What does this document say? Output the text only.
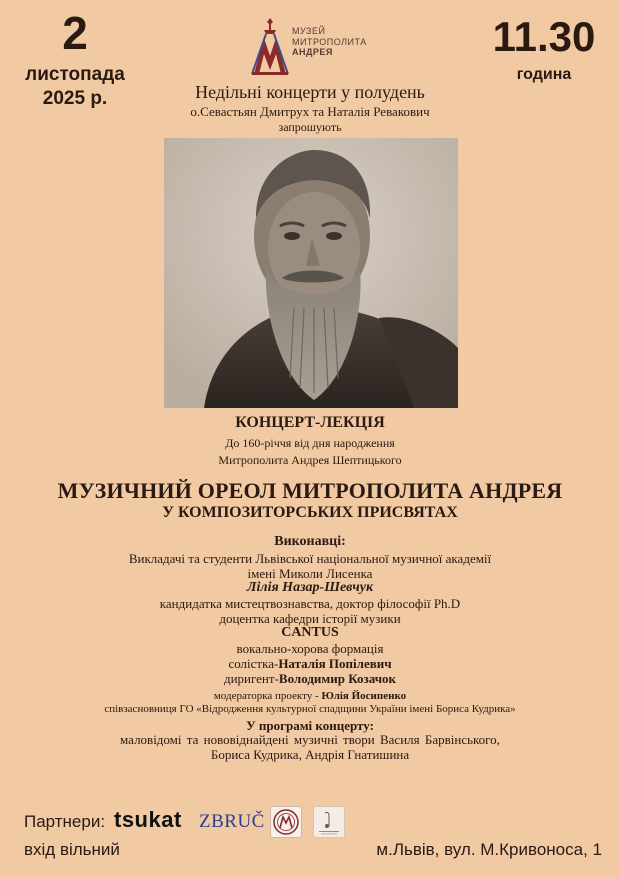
2
листопада
2025 р.
11.30
година
МУЗЕЙ
МИТРОПОЛИТА
АНДРЕЯ
Недільні концерти у полудень
о.Севастьян Дмитрух та Наталія Ревакович
запрошують
КОНЦЕРТ-ЛЕКЦІЯ
До 160-річчя від дня народження
Митрополита Андрея Шептицького
МУЗИЧНИЙ ОРЕОЛ МИТРОПОЛИТА АНДРЕЯ
У КОМПОЗИТОРСЬКИХ ПРИСВЯТАХ
Виконавці:
Викладачі та студенти Львівської національної музичної академії
імені Миколи Лисенка
Лілія Назар-Шевчук
кандидатка мистецтвознавства, доктор філософії Ph.D
доцентка кафедри історії музики
CANTUS
вокально-хорова формація
солістка-Наталія Попілевич
диригент-Володимир Козачок
модераторка проекту - Юлія Йосипенко
співзасновниця ГО «Відродження культурної спадщини України імені Бориса Кудрика»
У програмі концерту:
маловідомі та нововіднайдені музичні твори Василя Барвінського,
Бориса Кудрика, Андрія Гнатишина
Партнери: tsukat ZBRUČ
вхід вільний	м.Львів, вул. М.Кривоноса, 1
